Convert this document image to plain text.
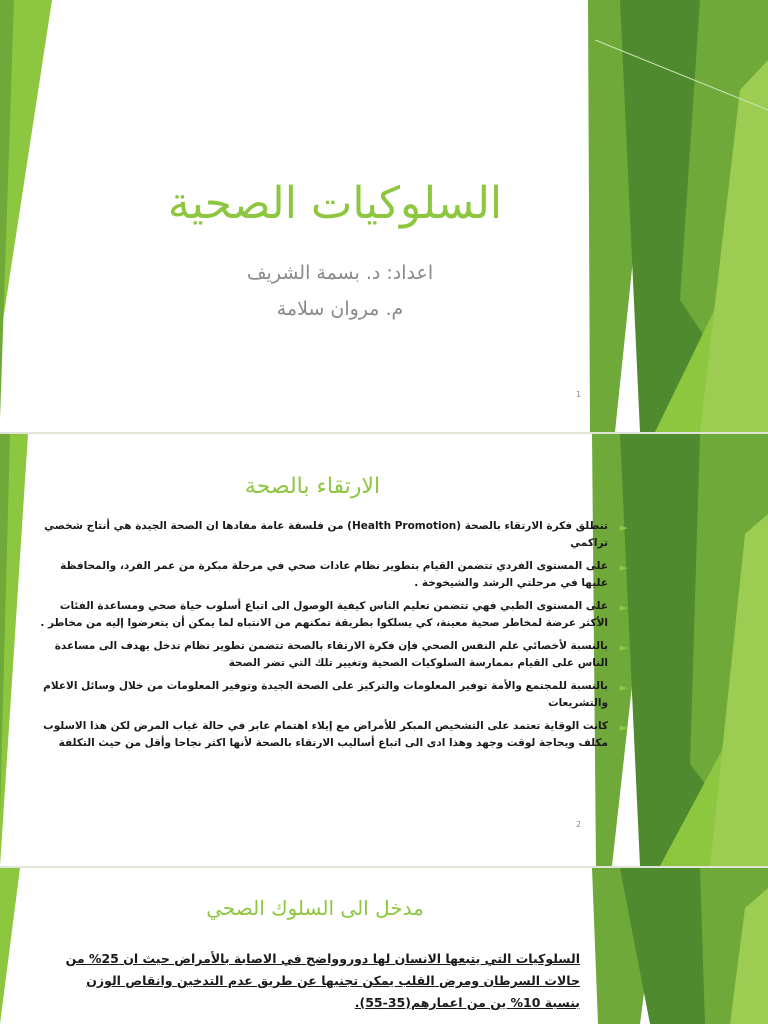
السلوكيات الصحية
اعداد: د. بسمة الشريف
م. مروان سلامة
1
الارتقاء بالصحة
►
تنطلق فكرة الارتقاء بالصحة (Health Promotion) من فلسفة عامة مفادها ان الصحة الجيدة هي أنتاج شخصي تراكمي
►
على المستوى الفردي تتضمن القيام بتطوير نظام عادات صحي في مرحلة مبكرة من عمر الفرد، والمحافظة عليها في مرحلتي الرشد والشيخوخة .
►
على المستوى الطبي فهي تتضمن تعليم الناس كيفية الوصول الى اتباع أسلوب حياة صحي ومساعدة الفئات الأكثر عرضة لمخاطر صحية معينة، كي يسلكوا بطريقة تمكنهم من الانتباه لما يمكن أن يتعرضوا إليه من مخاطر .
►
بالنسبة لأخصائي علم النفس الصحي فإن فكرة الارتقاء بالصحة تتضمن تطوير نظام تدخل يهدف الى مساعدة الناس على القيام بممارسة السلوكيات الصحية وتغيير تلك التي تضر الصحة
►
بالنسبة للمجتمع والأمة توفير المعلومات والتركيز على الصحة الجيدة وتوفير المعلومات من خلال وسائل الاعلام والتشريعات
►
كانت الوقاية تعتمد على التشخيص المبكر للأمراض مع إيلاء اهتمام عابر في حالة غياب المرض لكن هذا الاسلوب مكلف ويحاجة لوقت وجهد وهذا ادى الى اتباع أساليب الارتقاء بالصحة لأنها اكثر نجاحا وأقل من حيث التكلفة
2
مدخل الى السلوك الصحي
السلوكيات التي يتبعها الانسان لها دوروواضح في الاصابة بالأمراض حيث ان 25% من حالات السرطان ومرض القلب يمكن تجنبها عن طريق عدم التدخين وانقاص الوزن بنسبة 10% ين من اعمارهم(35-55).
